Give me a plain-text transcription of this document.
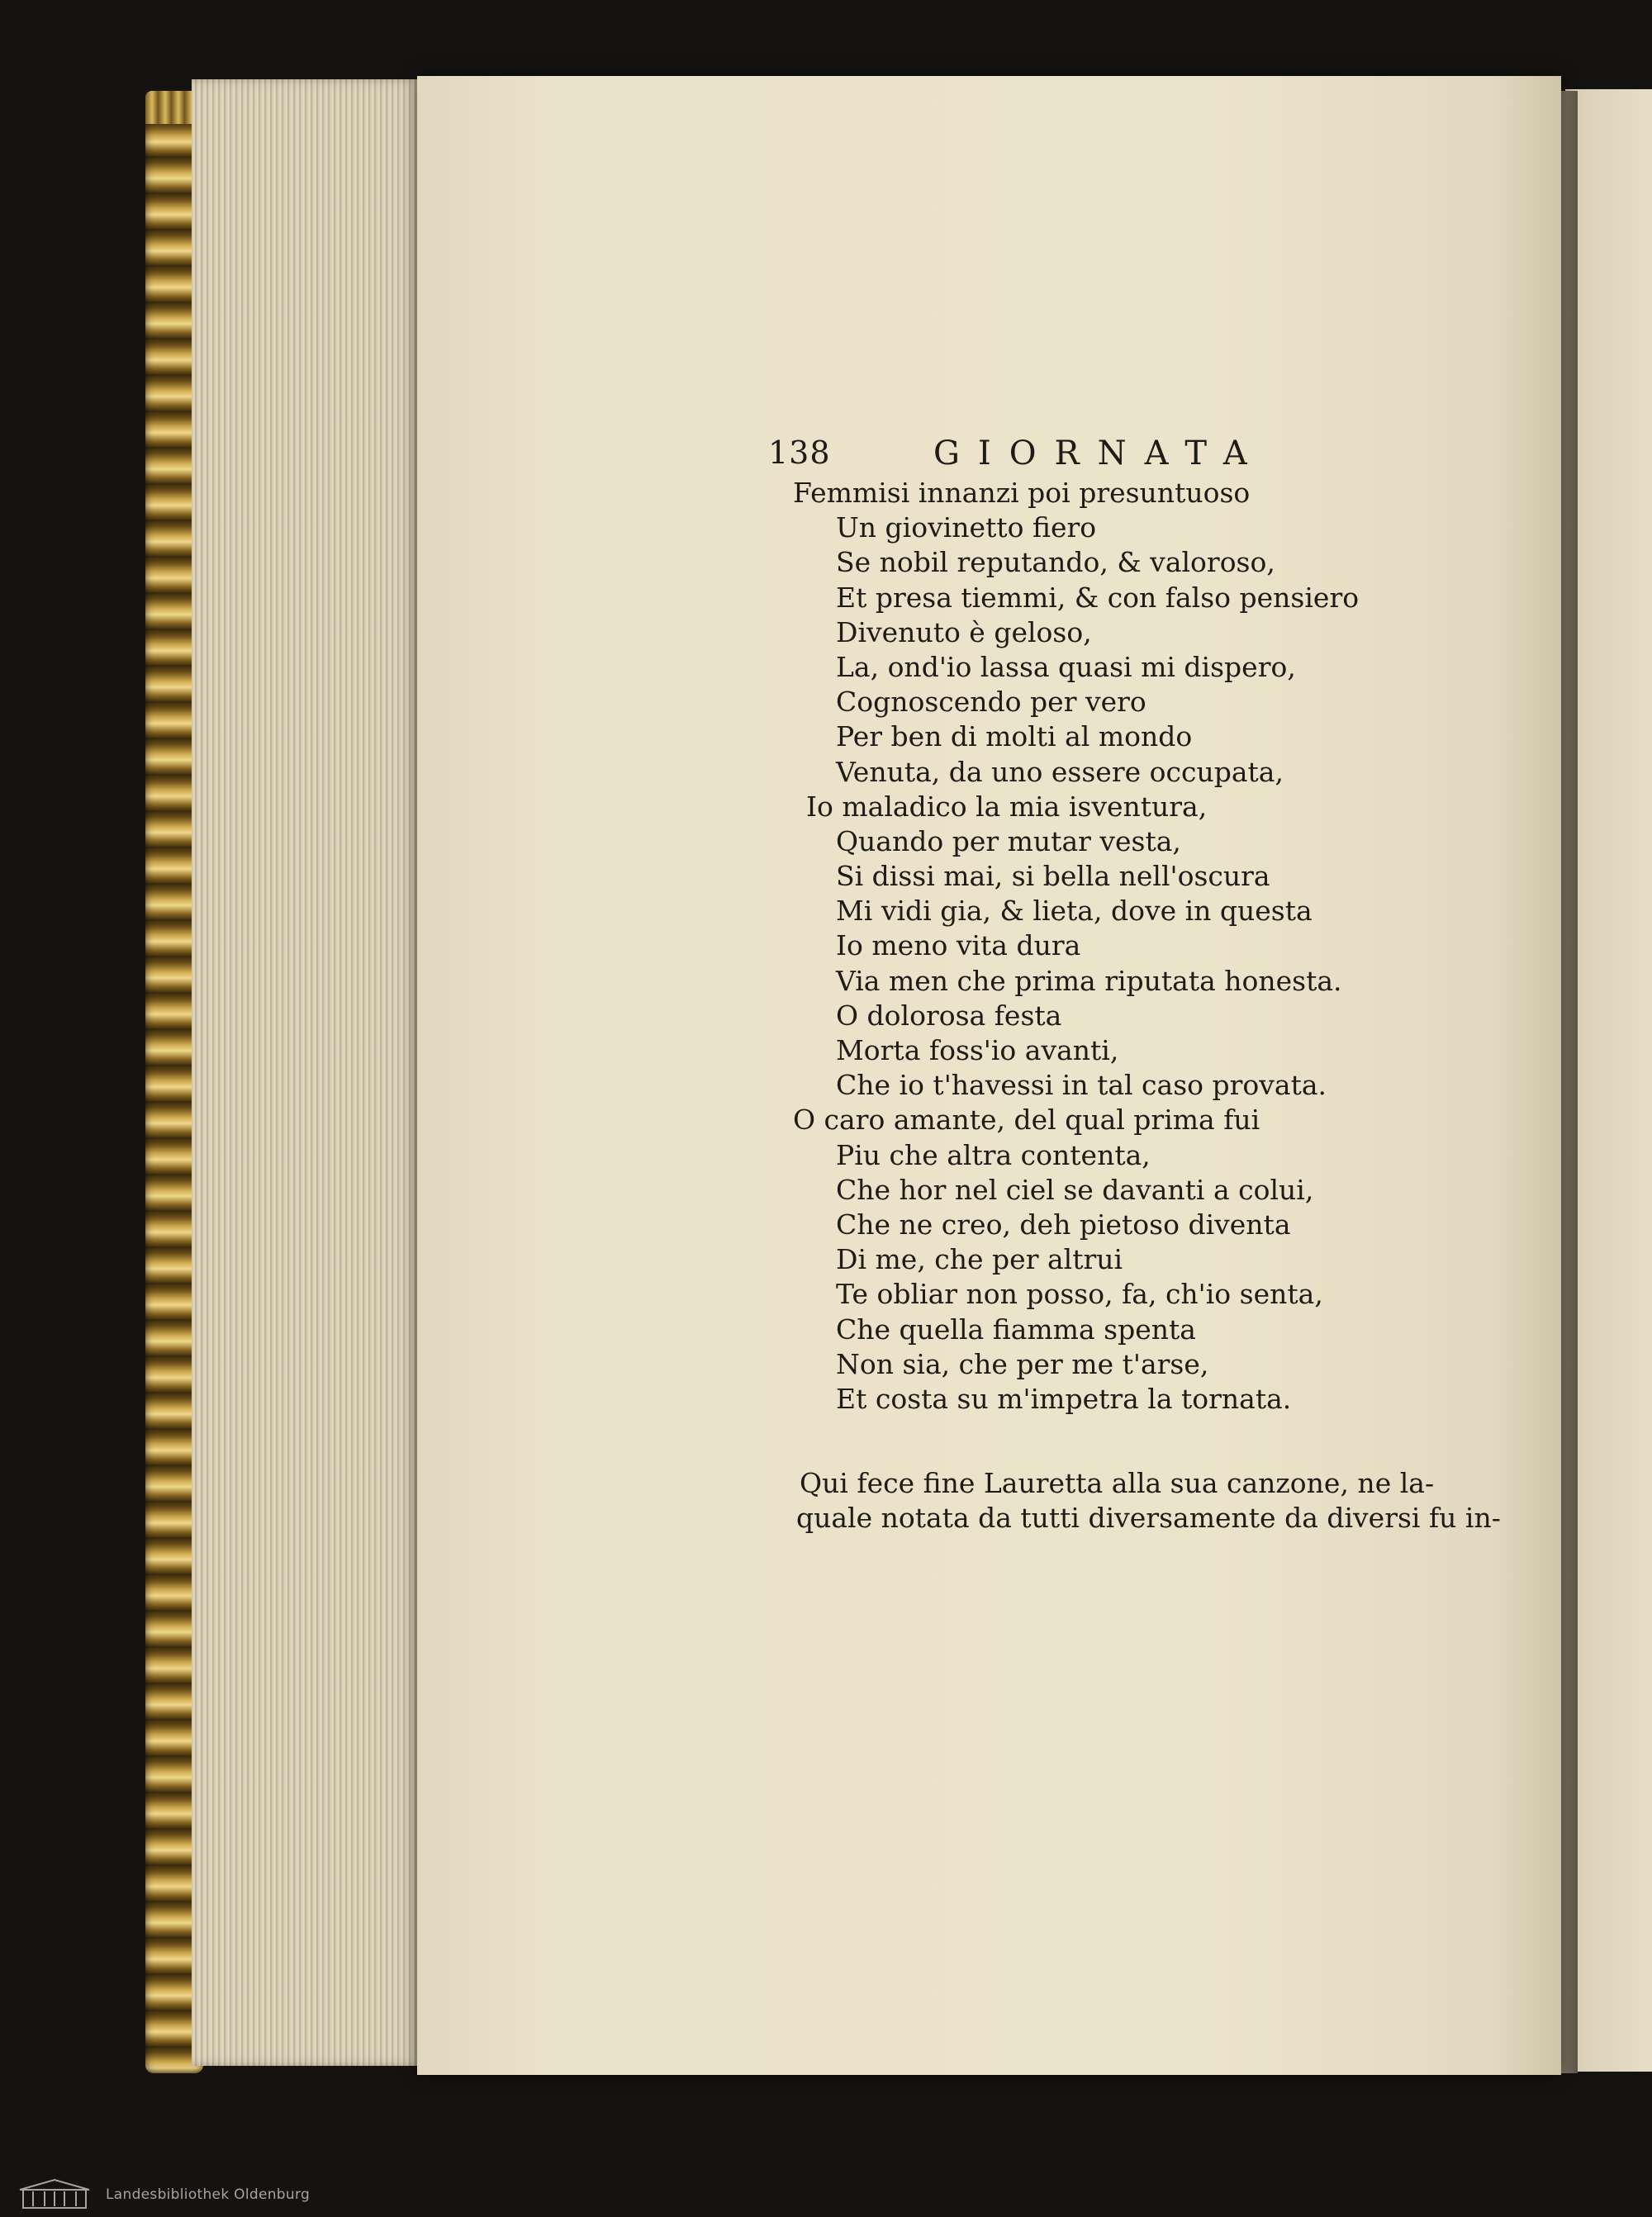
138	GIORNATA
Femmisi innanzi poi presuntuoso
Un giovinetto fiero
Se nobil reputando, & valoroso,
Et presa tiemmi, & con falso pensiero
Divenuto è geloso,
La, ond'io lassa quasi mi dispero,
Cognoscendo per vero
Per ben di molti al mondo
Venuta, da uno essere occupata,
Io maladico la mia isventura,
Quando per mutar vesta,
Si dissi mai, si bella nell'oscura
Mi vidi gia, & lieta, dove in questa
Io meno vita dura
Via men che prima riputata honesta.
O dolorosa festa
Morta foss'io avanti,
Che io t'havessi in tal caso provata.
O caro amante, del qual prima fui
Piu che altra contenta,
Che hor nel ciel se davanti a colui,
Che ne creo, deh pietoso diventa
Di me, che per altrui
Te obliar non posso, fa, ch'io senta,
Che quella fiamma spenta
Non sia, che per me t'arse,
Et costa su m'impetra la tornata.
Qui fece fine Lauretta alla sua canzone, ne la-
quale notata da tutti diversamente da diversi fu in-
Landesbibliothek Oldenburg
